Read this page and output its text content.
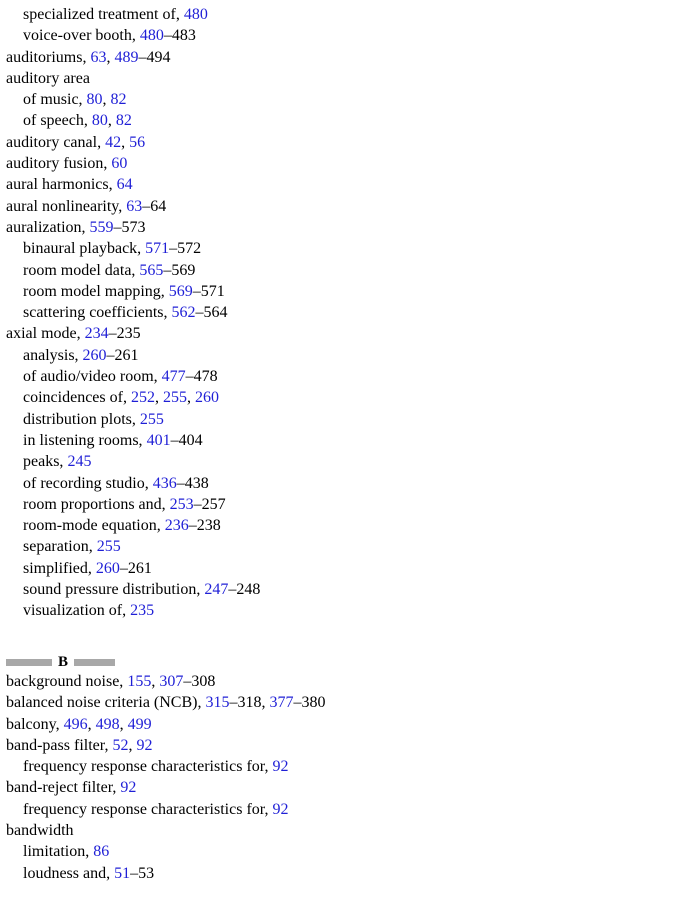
specialized treatment of, 480
voice-over booth, 480–483
auditoriums, 63, 489–494
auditory area
of music, 80, 82
of speech, 80, 82
auditory canal, 42, 56
auditory fusion, 60
aural harmonics, 64
aural nonlinearity, 63–64
auralization, 559–573
binaural playback, 571–572
room model data, 565–569
room model mapping, 569–571
scattering coefficients, 562–564
axial mode, 234–235
analysis, 260–261
of audio/video room, 477–478
coincidences of, 252, 255, 260
distribution plots, 255
in listening rooms, 401–404
peaks, 245
of recording studio, 436–438
room proportions and, 253–257
room-mode equation, 236–238
separation, 255
simplified, 260–261
sound pressure distribution, 247–248
visualization of, 235
B
background noise, 155, 307–308
balanced noise criteria (NCB), 315–318, 377–380
balcony, 496, 498, 499
band-pass filter, 52, 92
frequency response characteristics for, 92
band-reject filter, 92
frequency response characteristics for, 92
bandwidth
limitation, 86
loudness and, 51–53
